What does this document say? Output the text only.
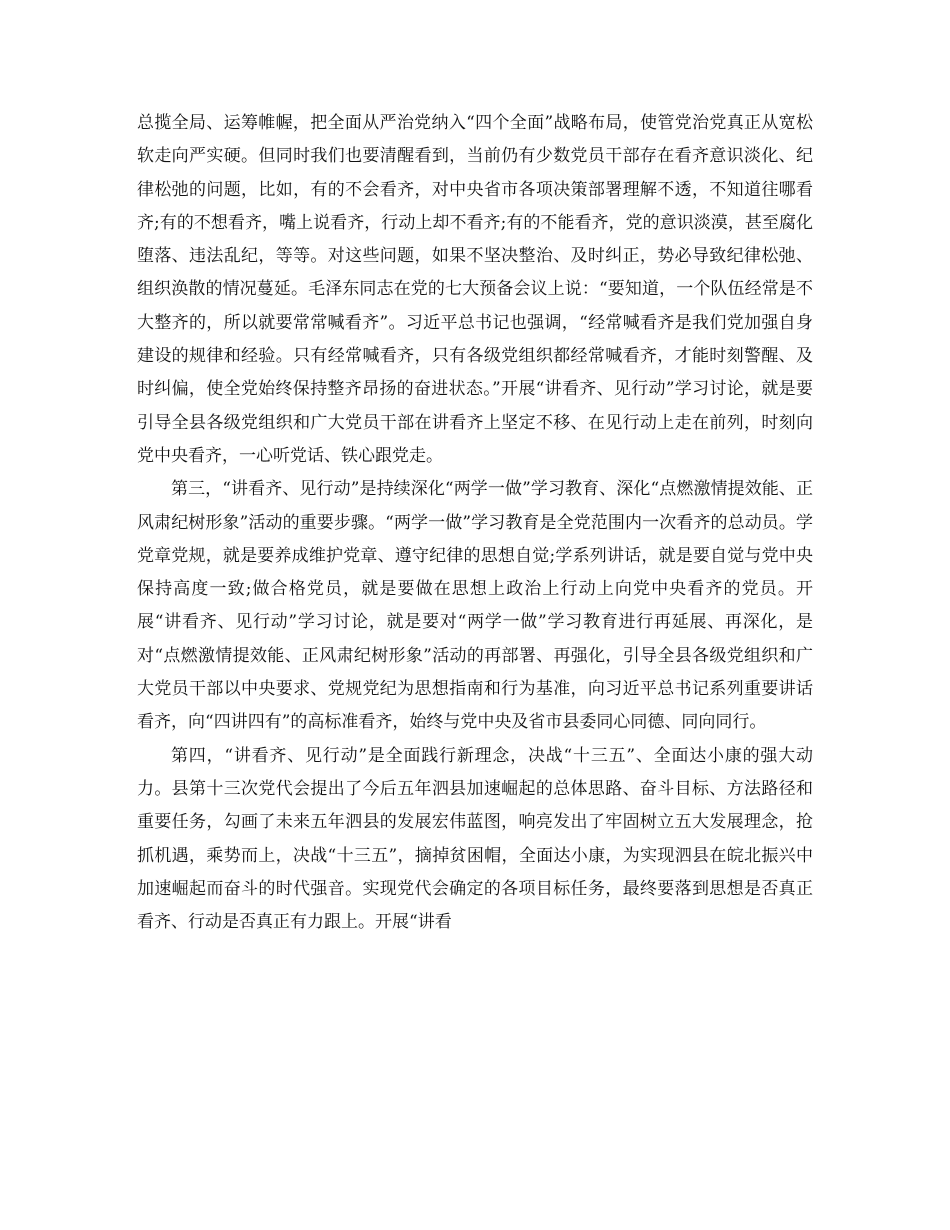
总揽全局、运筹帷幄，把全面从严治党纳入“四个全面”战略布局，使管党治党真正从宽松软走向严实硬。但同时我们也要清醒看到，当前仍有少数党员干部存在看齐意识淡化、纪律松弛的问题，比如，有的不会看齐，对中央省市各项决策部署理解不透，不知道往哪看齐;有的不想看齐，嘴上说看齐，行动上却不看齐;有的不能看齐，党的意识淡漠，甚至腐化堕落、违法乱纪，等等。对这些问题，如果不坚决整治、及时纠正，势必导致纪律松弛、组织涣散的情况蔓延。毛泽东同志在党的七大预备会议上说：“要知道，一个队伍经常是不大整齐的，所以就要常常喊看齐”。习近平总书记也强调，“经常喊看齐是我们党加强自身建设的规律和经验。只有经常喊看齐，只有各级党组织都经常喊看齐，才能时刻警醒、及时纠偏，使全党始终保持整齐昂扬的奋进状态。”开展“讲看齐、见行动”学习讨论，就是要引导全县各级党组织和广大党员干部在讲看齐上坚定不移、在见行动上走在前列，时刻向党中央看齐，一心听党话、铁心跟党走。

第三，“讲看齐、见行动”是持续深化“两学一做”学习教育、深化“点燃激情提效能、正风肃纪树形象”活动的重要步骤。“两学一做”学习教育是全党范围内一次看齐的总动员。学党章党规，就是要养成维护党章、遵守纪律的思想自觉;学系列讲话，就是要自觉与党中央保持高度一致;做合格党员，就是要做在思想上政治上行动上向党中央看齐的党员。开展“讲看齐、见行动”学习讨论，就是要对“两学一做”学习教育进行再延展、再深化，是对“点燃激情提效能、正风肃纪树形象”活动的再部署、再强化，引导全县各级党组织和广大党员干部以中央要求、党规党纪为思想指南和行为基准，向习近平总书记系列重要讲话看齐，向“四讲四有”的高标准看齐，始终与党中央及省市县委同心同德、同向同行。

第四，“讲看齐、见行动”是全面践行新理念，决战“十三五”、全面达小康的强大动力。县第十三次党代会提出了今后五年泗县加速崛起的总体思路、奋斗目标、方法路径和重要任务，勾画了未来五年泗县的发展宏伟蓝图，响亮发出了牢固树立五大发展理念，抢抓机遇，乘势而上，决战“十三五”，摘掉贫困帽，全面达小康，为实现泗县在皖北振兴中加速崛起而奋斗的时代强音。实现党代会确定的各项目标任务，最终要落到思想是否真正看齐、行动是否真正有力跟上。开展“讲看
